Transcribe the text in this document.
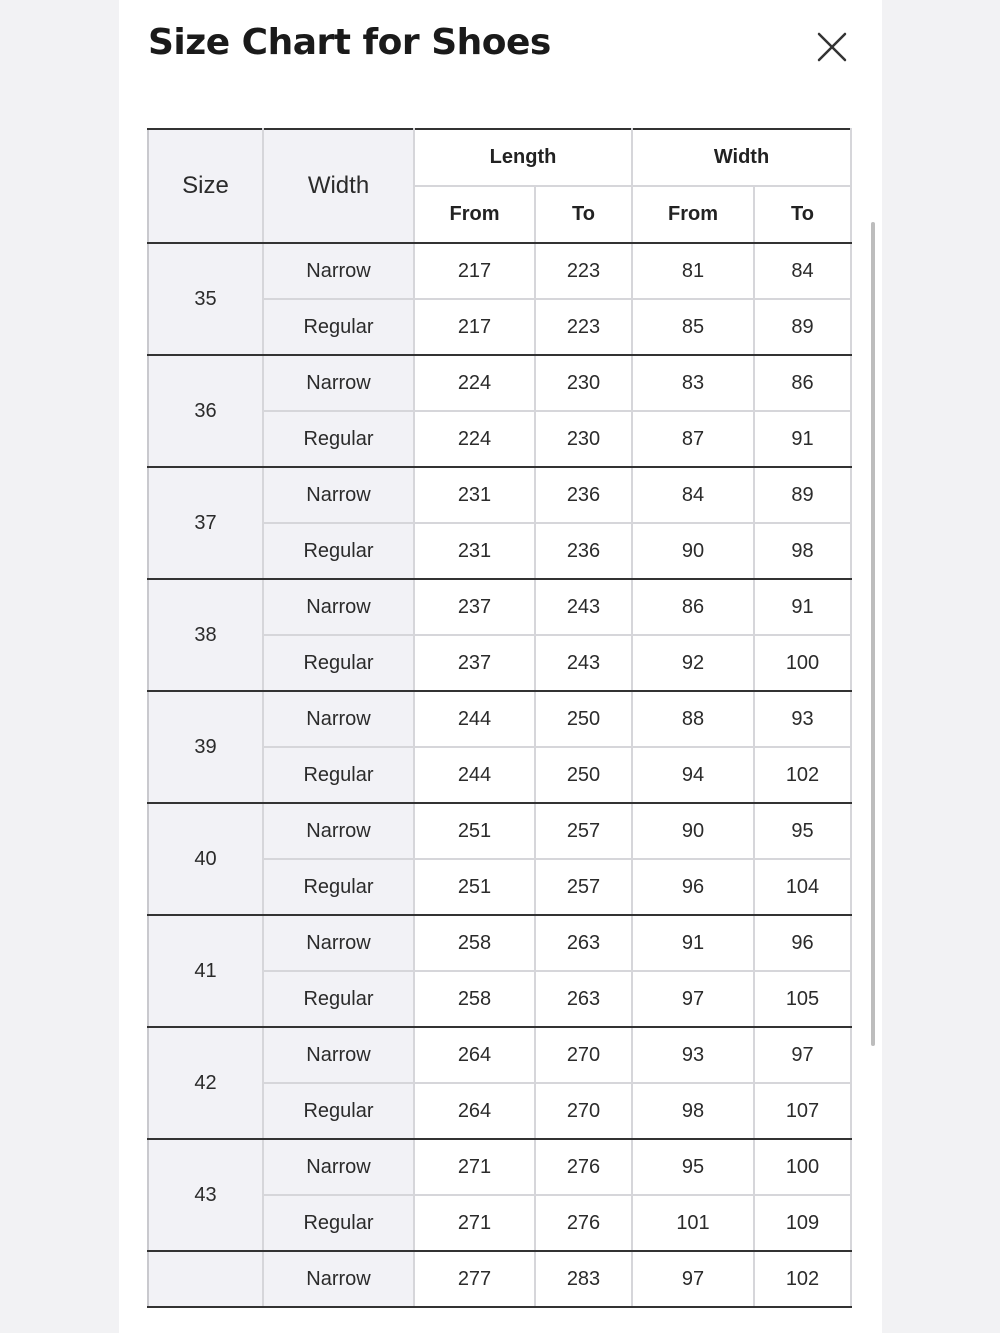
Size Chart for Shoes
Size	Width	Length		Width	
		From	To	From	To
35	Narrow	217	223	81	84
	Regular	217	223	85	89
36	Narrow	224	230	83	86
	Regular	224	230	87	91
37	Narrow	231	236	84	89
	Regular	231	236	90	98
38	Narrow	237	243	86	91
	Regular	237	243	92	100
39	Narrow	244	250	88	93
	Regular	244	250	94	102
40	Narrow	251	257	90	95
	Regular	251	257	96	104
41	Narrow	258	263	91	96
	Regular	258	263	97	105
42	Narrow	264	270	93	97
	Regular	264	270	98	107
43	Narrow	271	276	95	100
	Regular	271	276	101	109
	Narrow	277	283	97	102
